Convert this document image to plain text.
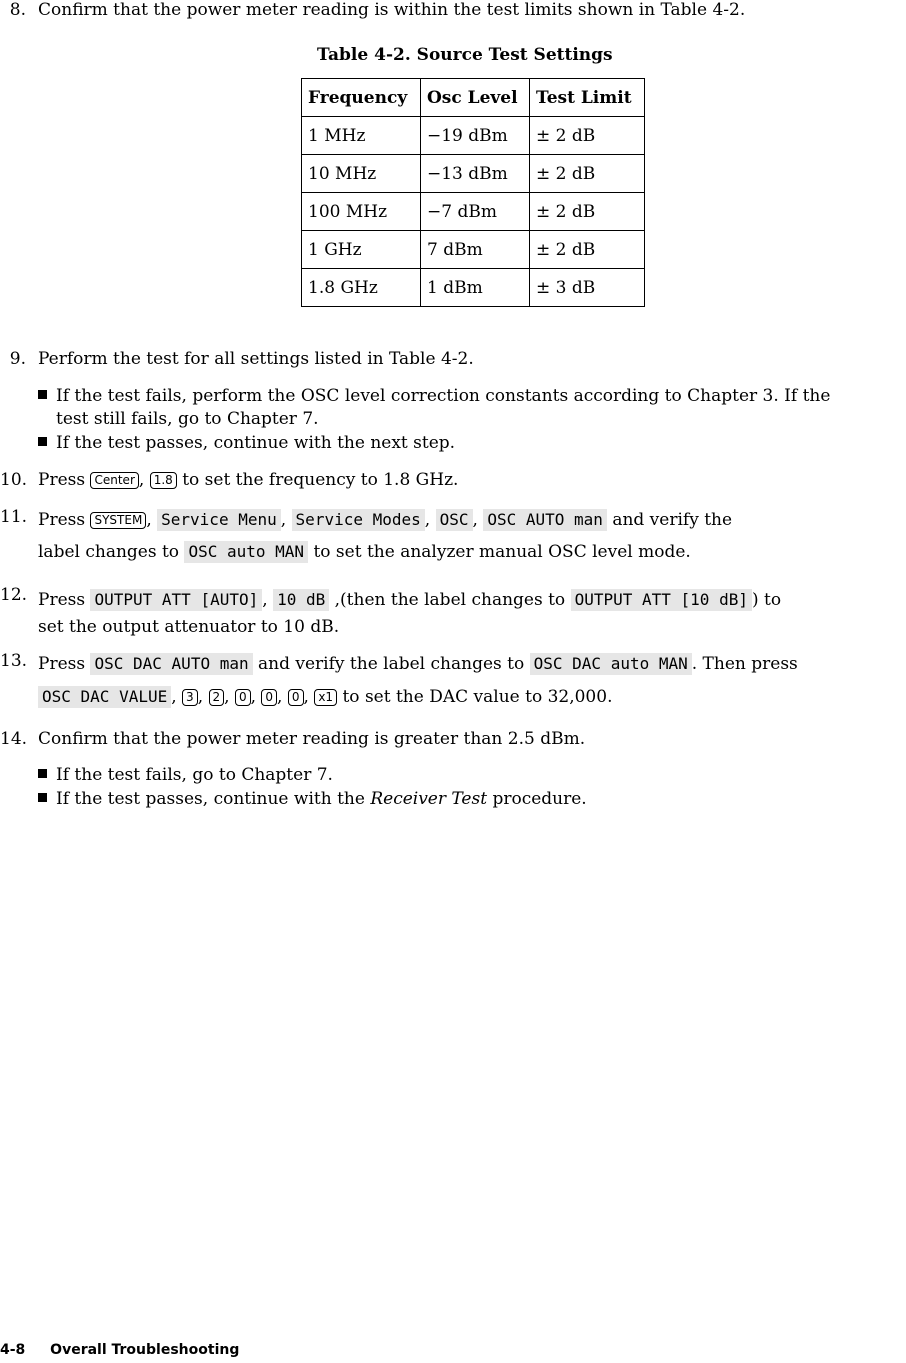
8. Confirm that the power meter reading is within the test limits shown in Table 4-2.
Table 4-2. Source Test Settings
Frequency	Osc Level	Test Limit
1 MHz	−19 dBm	± 2 dB
10 MHz	−13 dBm	± 2 dB
100 MHz	−7 dBm	± 2 dB
1 GHz	7 dBm	± 2 dB
1.8 GHz	1 dBm	± 3 dB
9. Perform the test for all settings listed in Table 4-2.
If the test fails, perform the OSC level correction constants according to Chapter 3. If the
test still fails, go to Chapter 7.
If the test passes, continue with the next step.
10. Press Center , 1.8 to set the frequency to 1.8 GHz.
11. Press SYSTEM , Service Menu , Service Modes , OSC , OSC AUTO man and verify the
label changes to OSC auto MAN to set the analyzer manual OSC level mode.
12. Press OUTPUT ATT [AUTO] , 10 dB ,(then the label changes to OUTPUT ATT [10 dB] ) to
set the output attenuator to 10 dB.
13. Press OSC DAC AUTO man and verify the label changes to OSC DAC auto MAN . Then press
OSC DAC VALUE , 3 , 2 , 0 , 0 , 0 , x1 to set the DAC value to 32,000.
14. Confirm that the power meter reading is greater than 2.5 dBm.
If the test fails, go to Chapter 7.
If the test passes, continue with the Receiver Test procedure.
4-8 Overall Troubleshooting
